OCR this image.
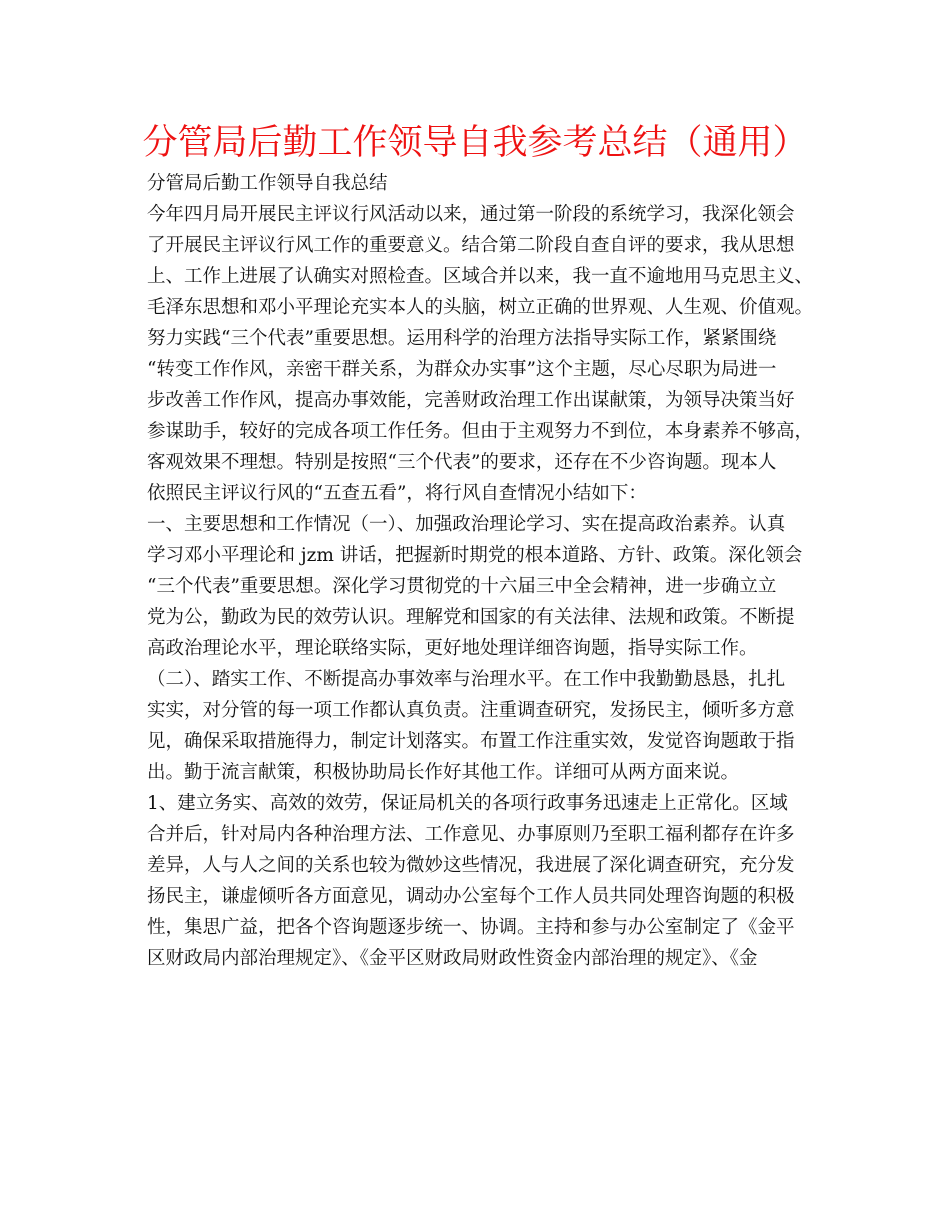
分管局后勤工作领导自我参考总结（通用）
分管局后勤工作领导自我总结
今年四月局开展民主评议行风活动以来，通过第一阶段的系统学习，我深化领会
了开展民主评议行风工作的重要意义。结合第二阶段自查自评的要求，我从思想
上、工作上进展了认确实对照检查。区域合并以来，我一直不逾地用马克思主义、
毛泽东思想和邓小平理论充实本人的头脑，树立正确的世界观、人生观、价值观。
努力实践“三个代表”重要思想。运用科学的治理方法指导实际工作，紧紧围绕
“转变工作作风，亲密干群关系，为群众办实事”这个主题，尽心尽职为局进一
步改善工作作风，提高办事效能，完善财政治理工作出谋献策，为领导决策当好
参谋助手，较好的完成各项工作任务。但由于主观努力不到位，本身素养不够高，
客观效果不理想。特别是按照“三个代表”的要求，还存在不少咨询题。现本人
依照民主评议行风的“五查五看”，将行风自查情况小结如下：
一、主要思想和工作情况（一）、加强政治理论学习、实在提高政治素养。认真
学习邓小平理论和 jzm 讲话，把握新时期党的根本道路、方针、政策。深化领会
“三个代表”重要思想。深化学习贯彻党的十六届三中全会精神，进一步确立立
党为公，勤政为民的效劳认识。理解党和国家的有关法律、法规和政策。不断提
高政治理论水平，理论联络实际，更好地处理详细咨询题，指导实际工作。
（二）、踏实工作、不断提高办事效率与治理水平。在工作中我勤勤恳恳，扎扎
实实，对分管的每一项工作都认真负责。注重调查研究，发扬民主，倾听多方意
见，确保采取措施得力，制定计划落实。布置工作注重实效，发觉咨询题敢于指
出。勤于流言献策，积极协助局长作好其他工作。详细可从两方面来说。
1、建立务实、高效的效劳，保证局机关的各项行政事务迅速走上正常化。区域
合并后，针对局内各种治理方法、工作意见、办事原则乃至职工福利都存在许多
差异，人与人之间的关系也较为微妙这些情况，我进展了深化调查研究，充分发
扬民主，谦虚倾听各方面意见，调动办公室每个工作人员共同处理咨询题的积极
性，集思广益，把各个咨询题逐步统一、协调。主持和参与办公室制定了《金平
区财政局内部治理规定》、《金平区财政局财政性资金内部治理的规定》、《金
